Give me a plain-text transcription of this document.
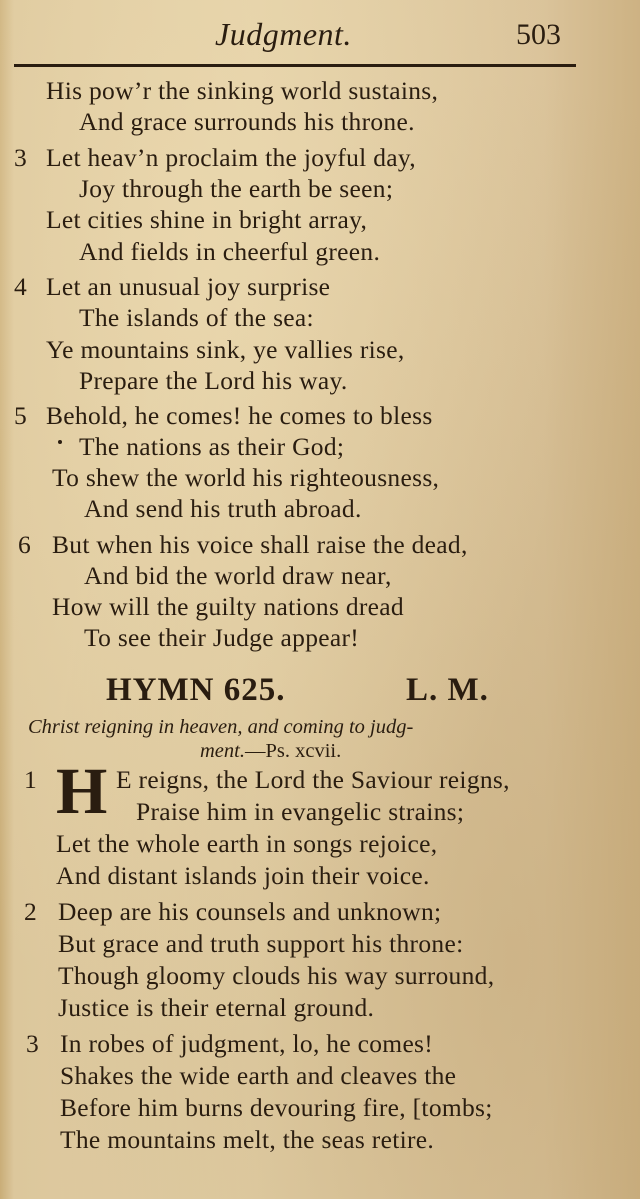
Judgment.	503
His pow’r the sinking world sustains,
And grace surrounds his throne.
3 Let heav’n proclaim the joyful day,
Joy through the earth be seen;
Let cities shine in bright array,
And fields in cheerful green.
4 Let an unusual joy surprise
The islands of the sea:
Ye mountains sink, ye vallies rise,
Prepare the Lord his way.
5 Behold, he comes! he comes to bless
The nations as their God;
To shew the world his righteousness,
And send his truth abroad.
6 But when his voice shall raise the dead,
And bid the world draw near,
How will the guilty nations dread
To see their Judge appear!
HYMN 625.	L. M.
Christ reigning in heaven, and coming to judg-
ment.—Ps. xcvii.
1 H E reigns, the Lord the Saviour reigns,
Praise him in evangelic strains;
Let the whole earth in songs rejoice,
And distant islands join their voice.
2 Deep are his counsels and unknown;
But grace and truth support his throne:
Though gloomy clouds his way surround,
Justice is their eternal ground.
3 In robes of judgment, lo, he comes!
Shakes the wide earth and cleaves the
Before him burns devouring fire, [tombs;
The mountains melt, the seas retire.
